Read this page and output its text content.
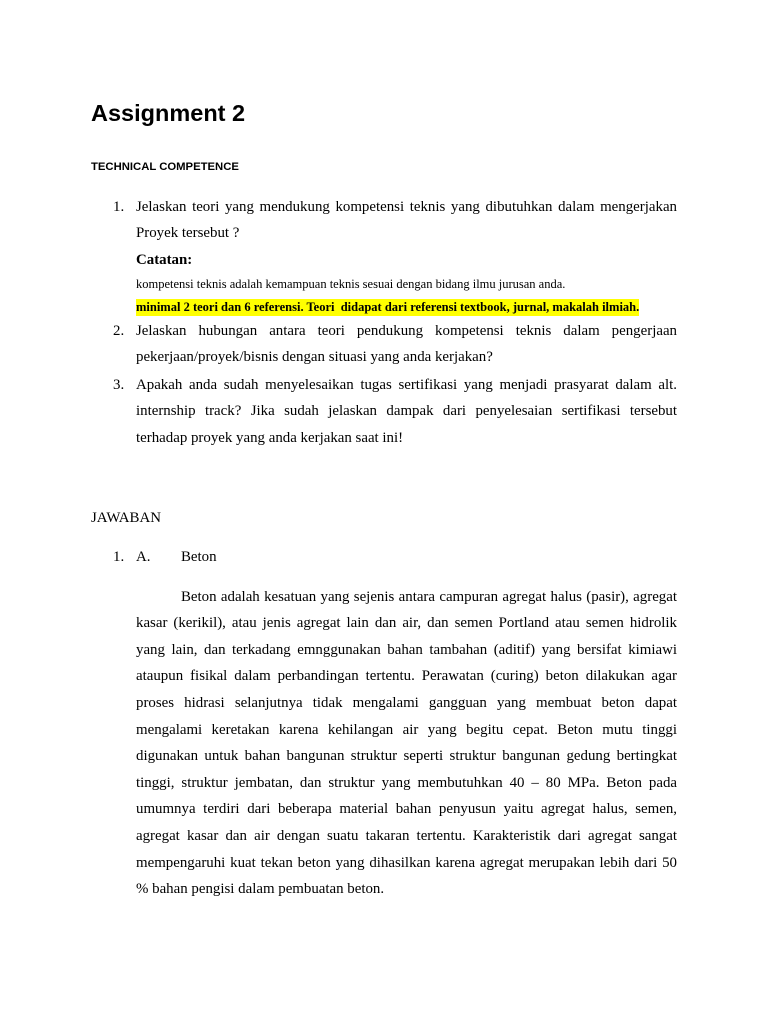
Assignment 2
TECHNICAL COMPETENCE
1. Jelaskan teori yang mendukung kompetensi teknis yang dibutuhkan dalam mengerjakan
Proyek tersebut ?
Catatan:
kompetensi teknis adalah kemampuan teknis sesuai dengan bidang ilmu jurusan anda.
minimal 2 teori dan 6 referensi. Teori  didapat dari referensi textbook, jurnal, makalah ilmiah.
2. Jelaskan hubungan antara teori pendukung kompetensi teknis dalam pengerjaan
pekerjaan/proyek/bisnis dengan situasi yang anda kerjakan?
3. Apakah anda sudah menyelesaikan tugas sertifikasi yang menjadi prasyarat dalam alt.
internship track? Jika sudah jelaskan dampak dari penyelesaian sertifikasi tersebut
terhadap proyek yang anda kerjakan saat ini!
JAWABAN
1. A. Beton
Beton adalah kesatuan yang sejenis antara campuran agregat halus (pasir), agregat
kasar (kerikil), atau jenis agregat lain dan air, dan semen Portland atau semen hidrolik
yang lain, dan terkadang emnggunakan bahan tambahan (aditif) yang bersifat kimiawi
ataupun fisikal dalam perbandingan tertentu. Perawatan (curing) beton dilakukan agar
proses hidrasi selanjutnya tidak mengalami gangguan yang membuat beton dapat
mengalami keretakan karena kehilangan air yang begitu cepat. Beton mutu tinggi
digunakan untuk bahan bangunan struktur seperti struktur bangunan gedung bertingkat
tinggi, struktur jembatan, dan struktur yang membutuhkan 40 – 80 MPa. Beton pada
umumnya terdiri dari beberapa material bahan penyusun yaitu agregat halus, semen,
agregat kasar dan air dengan suatu takaran tertentu. Karakteristik dari agregat sangat
mempengaruhi kuat tekan beton yang dihasilkan karena agregat merupakan lebih dari 50
% bahan pengisi dalam pembuatan beton.
